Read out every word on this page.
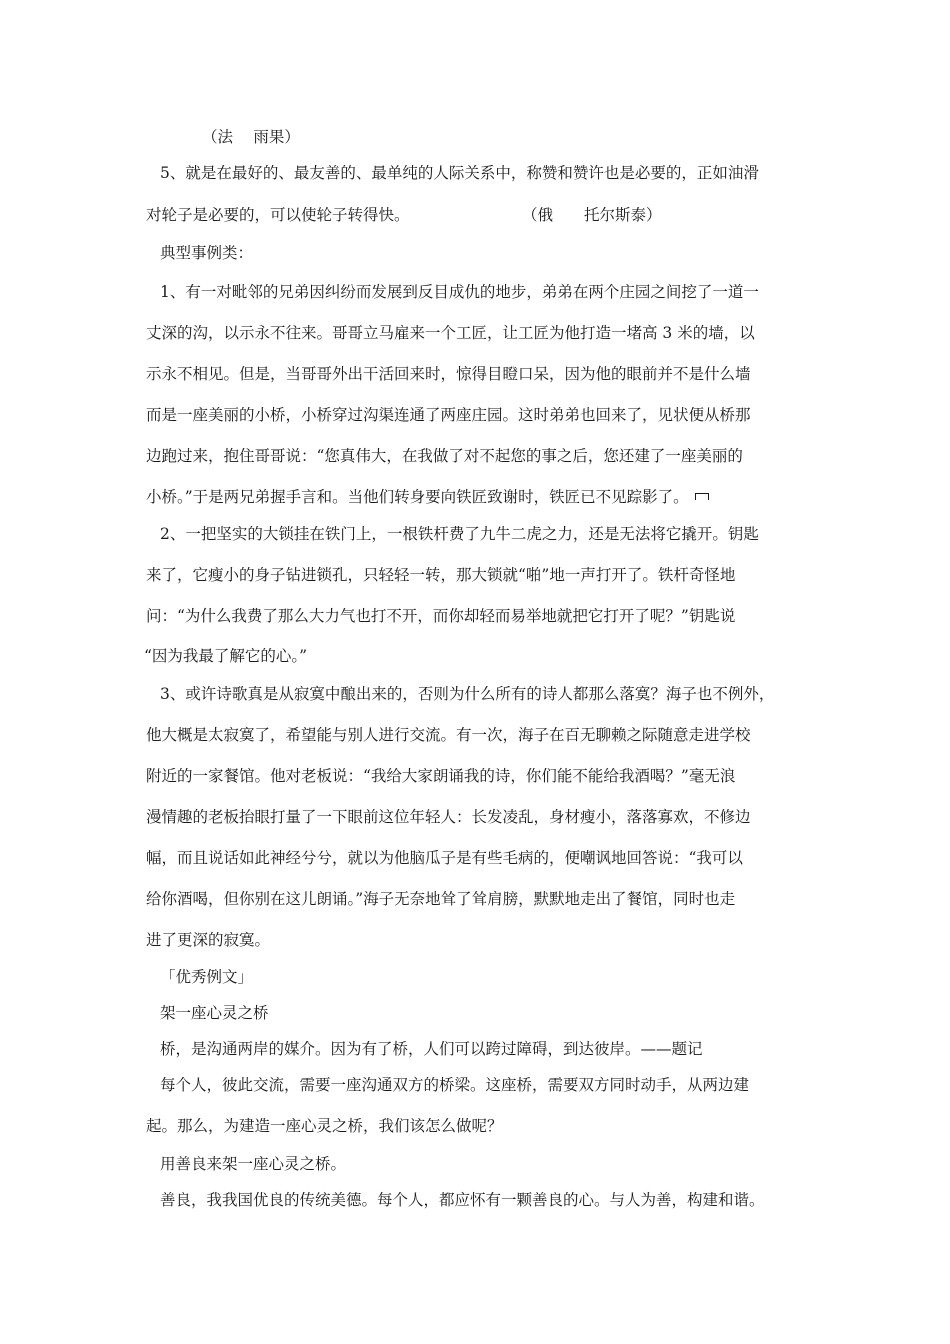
（法　 雨果）
5、就是在最好的、最友善的、最单纯的人际关系中，称赞和赞许也是必要的，正如油滑
对轮子是必要的，可以使轮子转得快。	（俄　　托尔斯泰）
典型事例类：
1、有一对毗邻的兄弟因纠纷而发展到反目成仇的地步，弟弟在两个庄园之间挖了一道一
丈深的沟，以示永不往来。哥哥立马雇来一个工匠，让工匠为他打造一堵高 3 米的墙，以
示永不相见。但是，当哥哥外出干活回来时，惊得目瞪口呆，因为他的眼前并不是什么墙
而是一座美丽的小桥，小桥穿过沟渠连通了两座庄园。这时弟弟也回来了，见状便从桥那
边跑过来，抱住哥哥说：“您真伟大，在我做了对不起您的事之后，您还建了一座美丽的
小桥。”于是两兄弟握手言和。当他们转身要向铁匠致谢时，铁匠已不见踪影了。
2、一把坚实的大锁挂在铁门上，一根铁杆费了九牛二虎之力，还是无法将它撬开。钥匙
来了，它瘦小的身子钻进锁孔，只轻轻一转，那大锁就“啪”地一声打开了。铁杆奇怪地
问：“为什么我费了那么大力气也打不开，而你却轻而易举地就把它打开了呢？”钥匙说
“因为我最了解它的心。”
3、或许诗歌真是从寂寞中酿出来的，否则为什么所有的诗人都那么落寞？海子也不例外，
他大概是太寂寞了，希望能与别人进行交流。有一次，海子在百无聊赖之际随意走进学校
附近的一家餐馆。他对老板说：“我给大家朗诵我的诗，你们能不能给我酒喝？”毫无浪
漫情趣的老板抬眼打量了一下眼前这位年轻人：长发凌乱，身材瘦小，落落寡欢，不修边
幅，而且说话如此神经兮兮，就以为他脑瓜子是有些毛病的，便嘲讽地回答说：“我可以
给你酒喝，但你别在这儿朗诵。”海子无奈地耸了耸肩膀，默默地走出了餐馆，同时也走
进了更深的寂寞。
「优秀例文」
架一座心灵之桥
桥，是沟通两岸的媒介。因为有了桥，人们可以跨过障碍，到达彼岸。——题记
每个人，彼此交流，需要一座沟通双方的桥梁。这座桥，需要双方同时动手，从两边建
起。那么，为建造一座心灵之桥，我们该怎么做呢？
用善良来架一座心灵之桥。
善良，我我国优良的传统美德。每个人，都应怀有一颗善良的心。与人为善，构建和谐。
